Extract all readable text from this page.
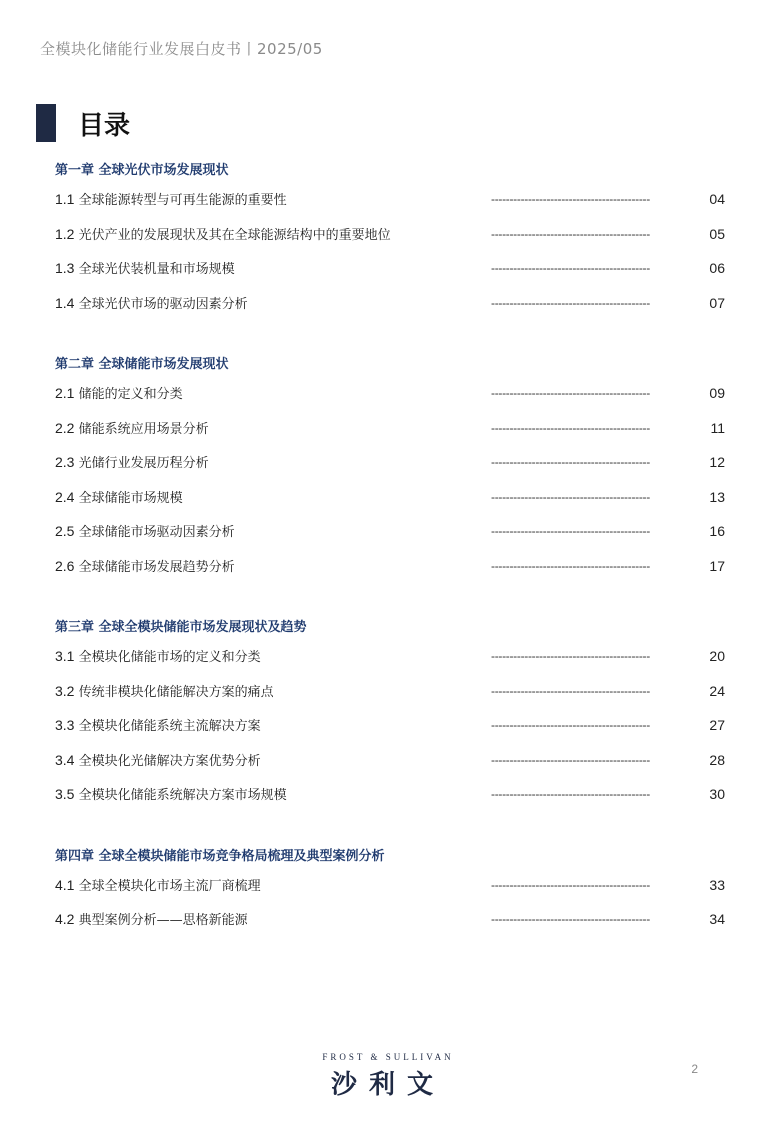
全模块化储能行业发展白皮书丨2025/05
目录
第一章 全球光伏市场发展现状
1.1 全球能源转型与可再生能源的重要性	-------------------------------------------	04
1.2 光伏产业的发展现状及其在全球能源结构中的重要地位	-------------------------------------------	05
1.3 全球光伏装机量和市场规模	-------------------------------------------	06
1.4 全球光伏市场的驱动因素分析	-------------------------------------------	07
第二章 全球储能市场发展现状
2.1 储能的定义和分类	-------------------------------------------	09
2.2 储能系统应用场景分析	-------------------------------------------	11
2.3 光储行业发展历程分析	-------------------------------------------	12
2.4 全球储能市场规模	-------------------------------------------	13
2.5 全球储能市场驱动因素分析	-------------------------------------------	16
2.6 全球储能市场发展趋势分析	-------------------------------------------	17
第三章 全球全模块储能市场发展现状及趋势
3.1 全模块化储能市场的定义和分类	-------------------------------------------	20
3.2 传统非模块化储能解决方案的痛点	-------------------------------------------	24
3.3 全模块化储能系统主流解决方案	-------------------------------------------	27
3.4 全模块化光储解决方案优势分析	-------------------------------------------	28
3.5 全模块化储能系统解决方案市场规模	-------------------------------------------	30
第四章 全球全模块储能市场竞争格局梳理及典型案例分析
4.1 全球全模块化市场主流厂商梳理	-------------------------------------------	33
4.2 典型案例分析——思格新能源	-------------------------------------------	34
FROST & SULLIVAN
沙利文
2
